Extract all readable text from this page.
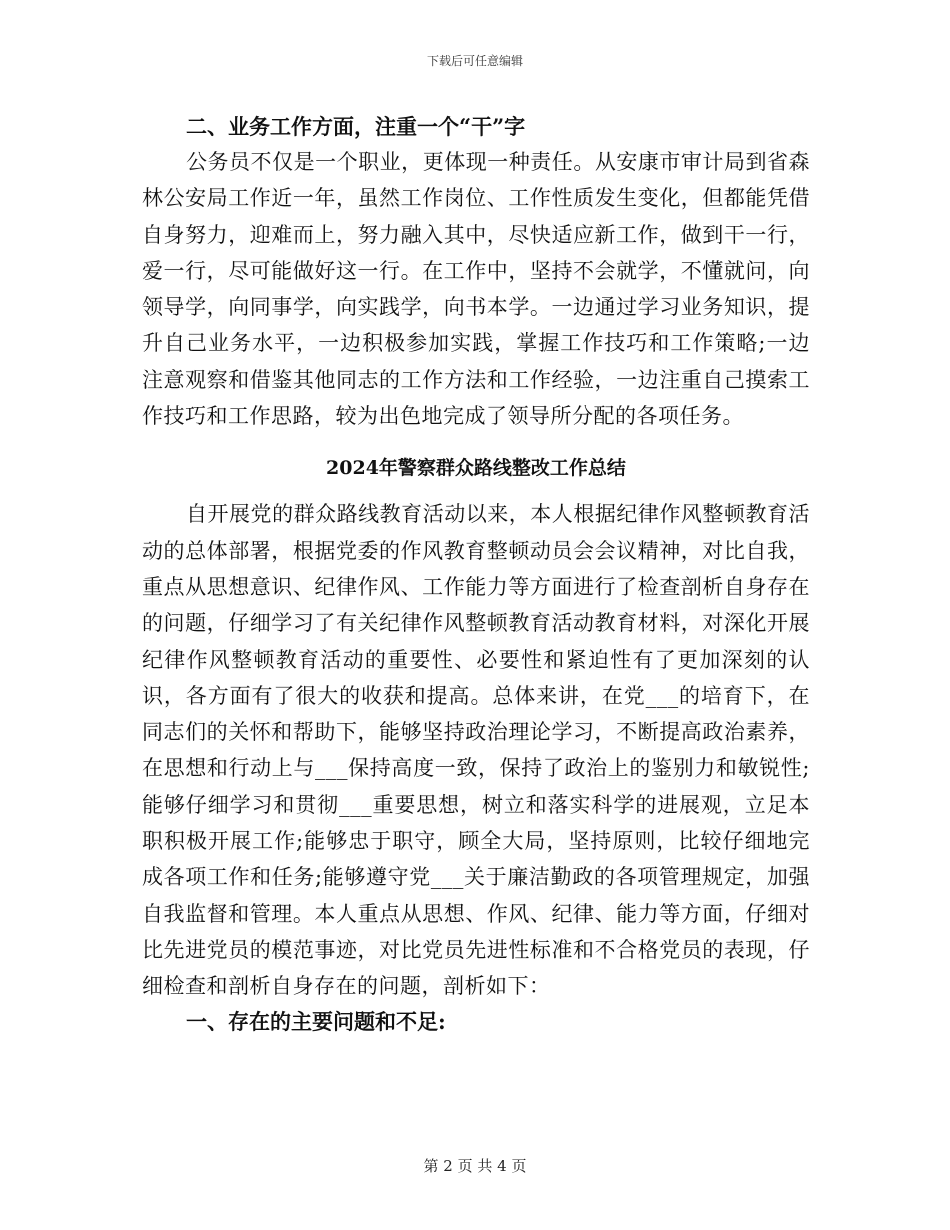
下载后可任意编辑

二、业务工作方面，注重一个“干”字

公务员不仅是一个职业，更体现一种责任。从安康市审计局到省森林公安局工作近一年，虽然工作岗位、工作性质发生变化，但都能凭借自身努力，迎难而上，努力融入其中，尽快适应新工作，做到干一行，爱一行，尽可能做好这一行。在工作中，坚持不会就学，不懂就问，向领导学，向同事学，向实践学，向书本学。一边通过学习业务知识，提升自己业务水平，一边积极参加实践，掌握工作技巧和工作策略;一边注意观察和借鉴其他同志的工作方法和工作经验，一边注重自己摸索工作技巧和工作思路，较为出色地完成了领导所分配的各项任务。

2024年警察群众路线整改工作总结

自开展党的群众路线教育活动以来，本人根据纪律作风整顿教育活动的总体部署，根据党委的作风教育整顿动员会会议精神，对比自我，重点从思想意识、纪律作风、工作能力等方面进行了检查剖析自身存在的问题，仔细学习了有关纪律作风整顿教育活动教育材料，对深化开展纪律作风整顿教育活动的重要性、必要性和紧迫性有了更加深刻的认识，各方面有了很大的收获和提高。总体来讲，在党___的培育下，在同志们的关怀和帮助下，能够坚持政治理论学习，不断提高政治素养，在思想和行动上与___保持高度一致，保持了政治上的鉴别力和敏锐性;能够仔细学习和贯彻___重要思想，树立和落实科学的进展观，立足本职积极开展工作;能够忠于职守，顾全大局，坚持原则，比较仔细地完成各项工作和任务;能够遵守党___关于廉洁勤政的各项管理规定，加强自我监督和管理。本人重点从思想、作风、纪律、能力等方面，仔细对比先进党员的模范事迹，对比党员先进性标准和不合格党员的表现，仔细检查和剖析自身存在的问题，剖析如下：

一、存在的主要问题和不足:

第 2 页 共 4 页
